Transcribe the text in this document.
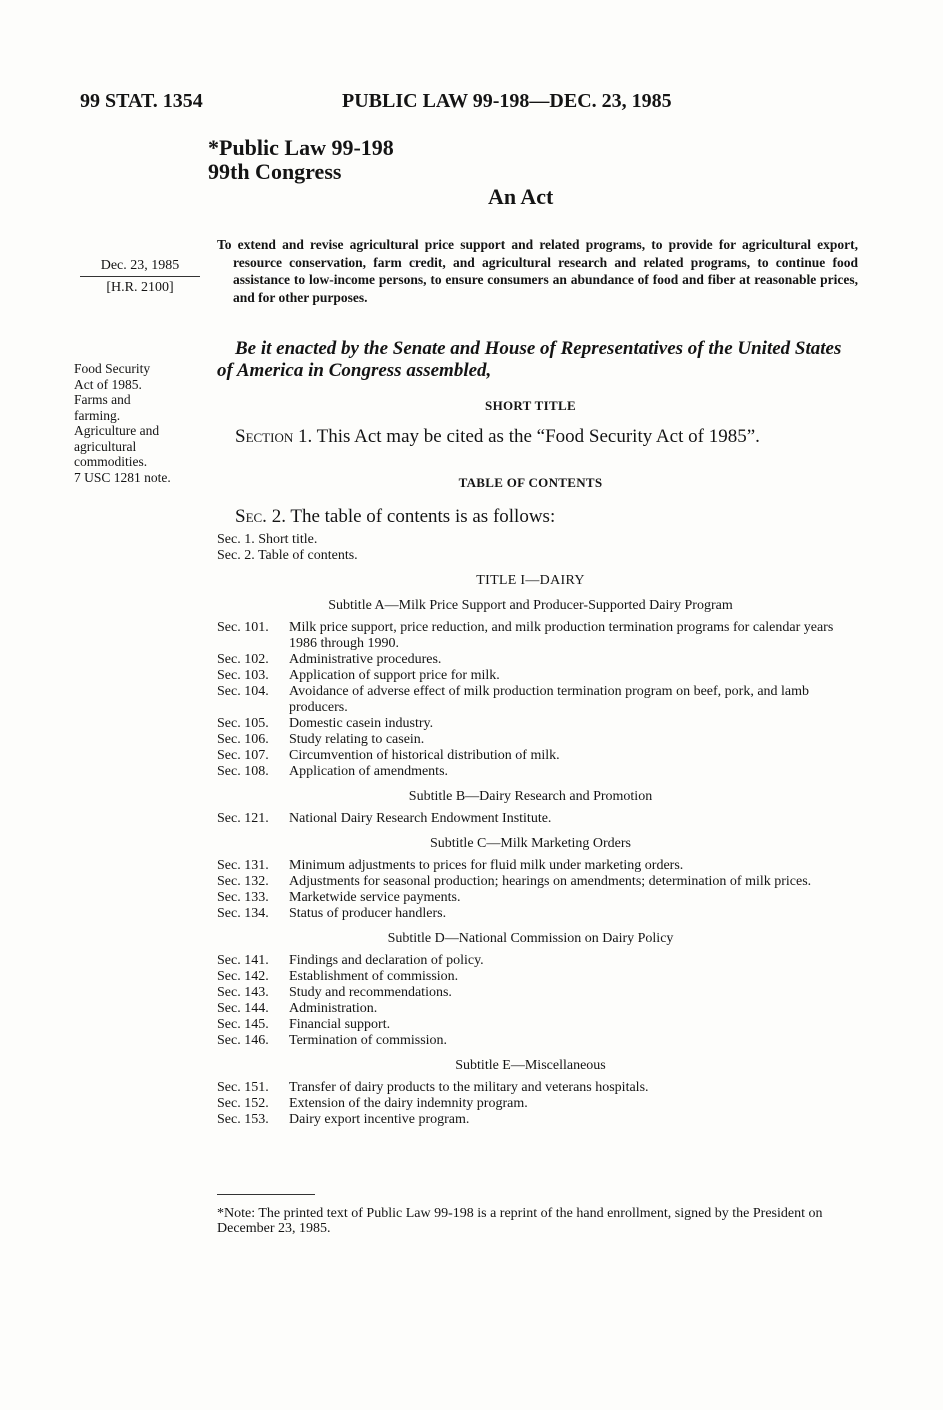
99 STAT. 1354	PUBLIC LAW 99-198—DEC. 23, 1985
*Public Law 99-198
99th Congress
An Act
Dec. 23, 1985
[H.R. 2100]
Food Security
Act of 1985.
Farms and
farming.
Agriculture and
agricultural
commodities.
7 USC 1281 note.
To extend and revise agricultural price support and related programs, to provide for agricultural export, resource conservation, farm credit, and agricultural research and related programs, to continue food assistance to low-income persons, to ensure consumers an abundance of food and fiber at reasonable prices, and for other purposes.
Be it enacted by the Senate and House of Representatives of the United States of America in Congress assembled,
SHORT TITLE
Section 1. This Act may be cited as the “Food Security Act of 1985”.
TABLE OF CONTENTS
Sec. 2. The table of contents is as follows:
Sec. 1. Short title.
Sec. 2. Table of contents.
TITLE I—DAIRY
Subtitle A—Milk Price Support and Producer-Supported Dairy Program
Sec. 101.	Milk price support, price reduction, and milk production termination programs for calendar years 1986 through 1990.
Sec. 102.	Administrative procedures.
Sec. 103.	Application of support price for milk.
Sec. 104.	Avoidance of adverse effect of milk production termination program on beef, pork, and lamb producers.
Sec. 105.	Domestic casein industry.
Sec. 106.	Study relating to casein.
Sec. 107.	Circumvention of historical distribution of milk.
Sec. 108.	Application of amendments.
Subtitle B—Dairy Research and Promotion
Sec. 121.	National Dairy Research Endowment Institute.
Subtitle C—Milk Marketing Orders
Sec. 131.	Minimum adjustments to prices for fluid milk under marketing orders.
Sec. 132.	Adjustments for seasonal production; hearings on amendments; determination of milk prices.
Sec. 133.	Marketwide service payments.
Sec. 134.	Status of producer handlers.
Subtitle D—National Commission on Dairy Policy
Sec. 141.	Findings and declaration of policy.
Sec. 142.	Establishment of commission.
Sec. 143.	Study and recommendations.
Sec. 144.	Administration.
Sec. 145.	Financial support.
Sec. 146.	Termination of commission.
Subtitle E—Miscellaneous
Sec. 151.	Transfer of dairy products to the military and veterans hospitals.
Sec. 152.	Extension of the dairy indemnity program.
Sec. 153.	Dairy export incentive program.
*Note: The printed text of Public Law 99-198 is a reprint of the hand enrollment, signed by the President on December 23, 1985.
